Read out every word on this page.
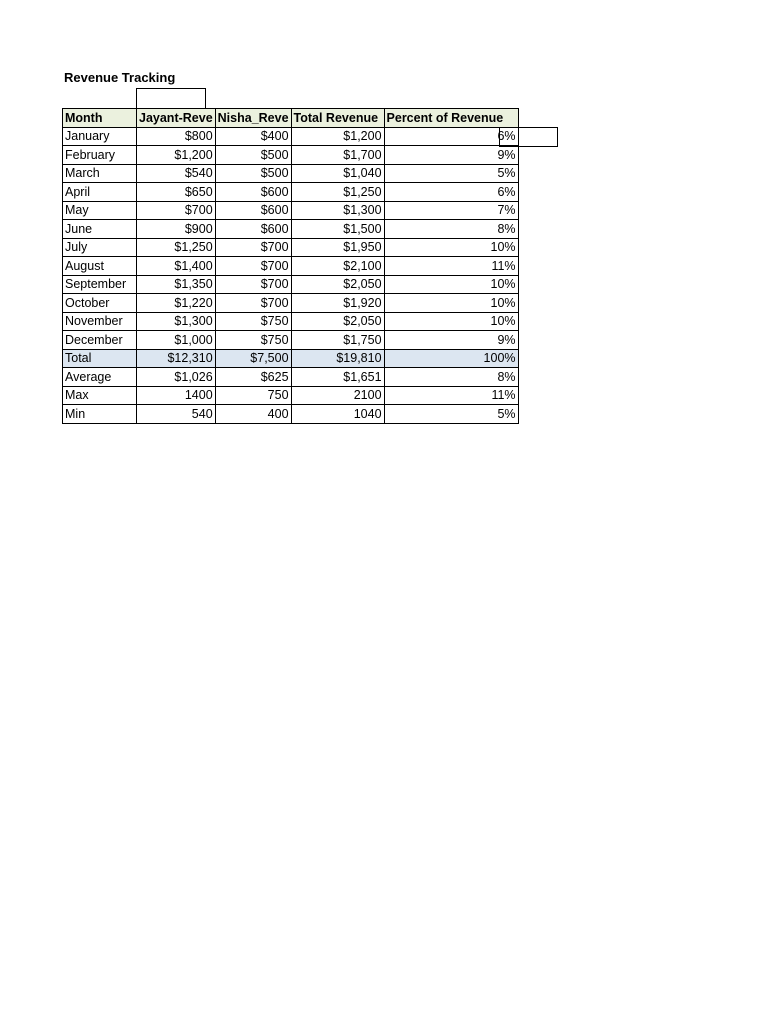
Revenue Tracking
Month	Jayant-Reve	Nisha_Reve	Total Revenue	Percent of Revenue
January	$800	$400	$1,200	6%
February	$1,200	$500	$1,700	9%
March	$540	$500	$1,040	5%
April	$650	$600	$1,250	6%
May	$700	$600	$1,300	7%
June	$900	$600	$1,500	8%
July	$1,250	$700	$1,950	10%
August	$1,400	$700	$2,100	11%
September	$1,350	$700	$2,050	10%
October	$1,220	$700	$1,920	10%
November	$1,300	$750	$2,050	10%
December	$1,000	$750	$1,750	9%
Total	$12,310	$7,500	$19,810	100%
Average	$1,026	$625	$1,651	8%
Max	1400	750	2100	11%
Min	540	400	1040	5%
